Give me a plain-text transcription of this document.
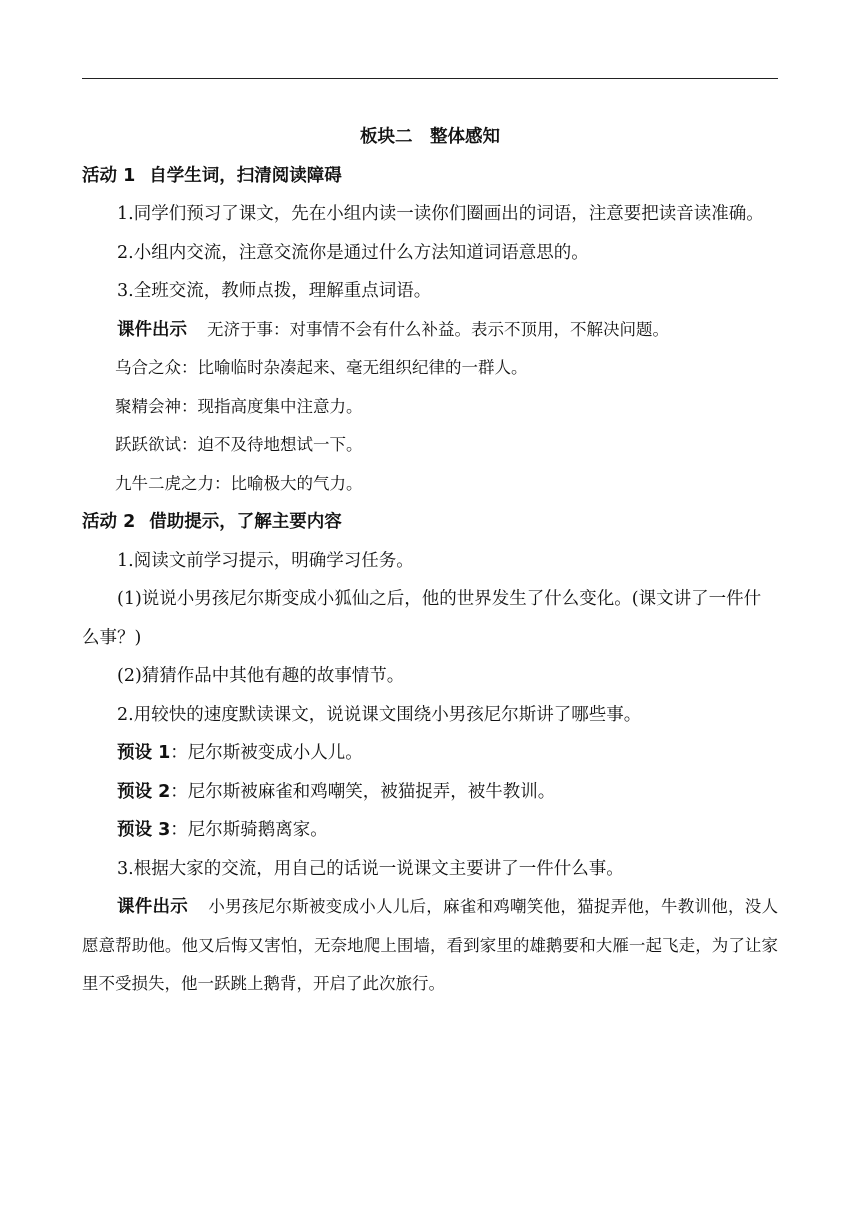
板块二　整体感知
活动 1 自学生词，扫清阅读障碍

1.同学们预习了课文，先在小组内读一读你们圈画出的词语，注意要把读音读准确。

2.小组内交流，注意交流你是通过什么方法知道词语意思的。

3.全班交流，教师点拨，理解重点词语。

课件出示 无济于事：对事情不会有什么补益。表示不顶用，不解决问题。

乌合之众：比喻临时杂凑起来、毫无组织纪律的一群人。

聚精会神：现指高度集中注意力。

跃跃欲试：迫不及待地想试一下。

九牛二虎之力：比喻极大的气力。

活动 2 借助提示，了解主要内容

1.阅读文前学习提示，明确学习任务。

(1)说说小男孩尼尔斯变成小狐仙之后，他的世界发生了什么变化。(课文讲了一件什么事？)

(2)猜猜作品中其他有趣的故事情节。

2.用较快的速度默读课文，说说课文围绕小男孩尼尔斯讲了哪些事。

预设 1：尼尔斯被变成小人儿。

预设 2：尼尔斯被麻雀和鸡嘲笑，被猫捉弄，被牛教训。

预设 3：尼尔斯骑鹅离家。

3.根据大家的交流，用自己的话说一说课文主要讲了一件什么事。

课件出示 小男孩尼尔斯被变成小人儿后，麻雀和鸡嘲笑他，猫捉弄他，牛教训他，没人愿意帮助他。他又后悔又害怕，无奈地爬上围墙，看到家里的雄鹅要和大雁一起飞走，为了让家里不受损失，他一跃跳上鹅背，开启了此次旅行。
